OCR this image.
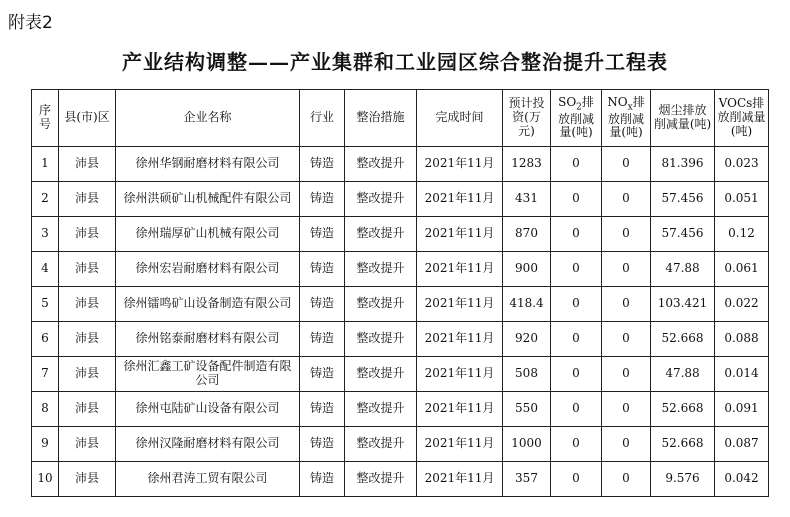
附表2
产业结构调整——产业集群和工业园区综合整治提升工程表
序号	县(市)区	企业名称	行业	整治措施	完成时间	预计投资(万元)	$SO_2$排放削减量(吨)	$NO_x$排放削减量(吨)	烟尘排放削减量(吨)	VOCs排放削减量(吨)
1	沛县	徐州华钢耐磨材料有限公司	铸造	整改提升	2021年11月	1283	0	0	81.396	0.023
2	沛县	徐州洪硕矿山机械配件有限公司	铸造	整改提升	2021年11月	431	0	0	57.456	0.051
3	沛县	徐州瑞厚矿山机械有限公司	铸造	整改提升	2021年11月	870	0	0	57.456	0.12
4	沛县	徐州宏岩耐磨材料有限公司	铸造	整改提升	2021年11月	900	0	0	47.88	0.061
5	沛县	徐州镭鸣矿山设备制造有限公司	铸造	整改提升	2021年11月	418.4	0	0	103.421	0.022
6	沛县	徐州铭泰耐磨材料有限公司	铸造	整改提升	2021年11月	920	0	0	52.668	0.088
7	沛县	徐州汇鑫工矿设备配件制造有限公司	铸造	整改提升	2021年11月	508	0	0	47.88	0.014
8	沛县	徐州屯陆矿山设备有限公司	铸造	整改提升	2021年11月	550	0	0	52.668	0.091
9	沛县	徐州汉隆耐磨材料有限公司	铸造	整改提升	2021年11月	1000	0	0	52.668	0.087
10	沛县	徐州君涛工贸有限公司	铸造	整改提升	2021年11月	357	0	0	9.576	0.042
